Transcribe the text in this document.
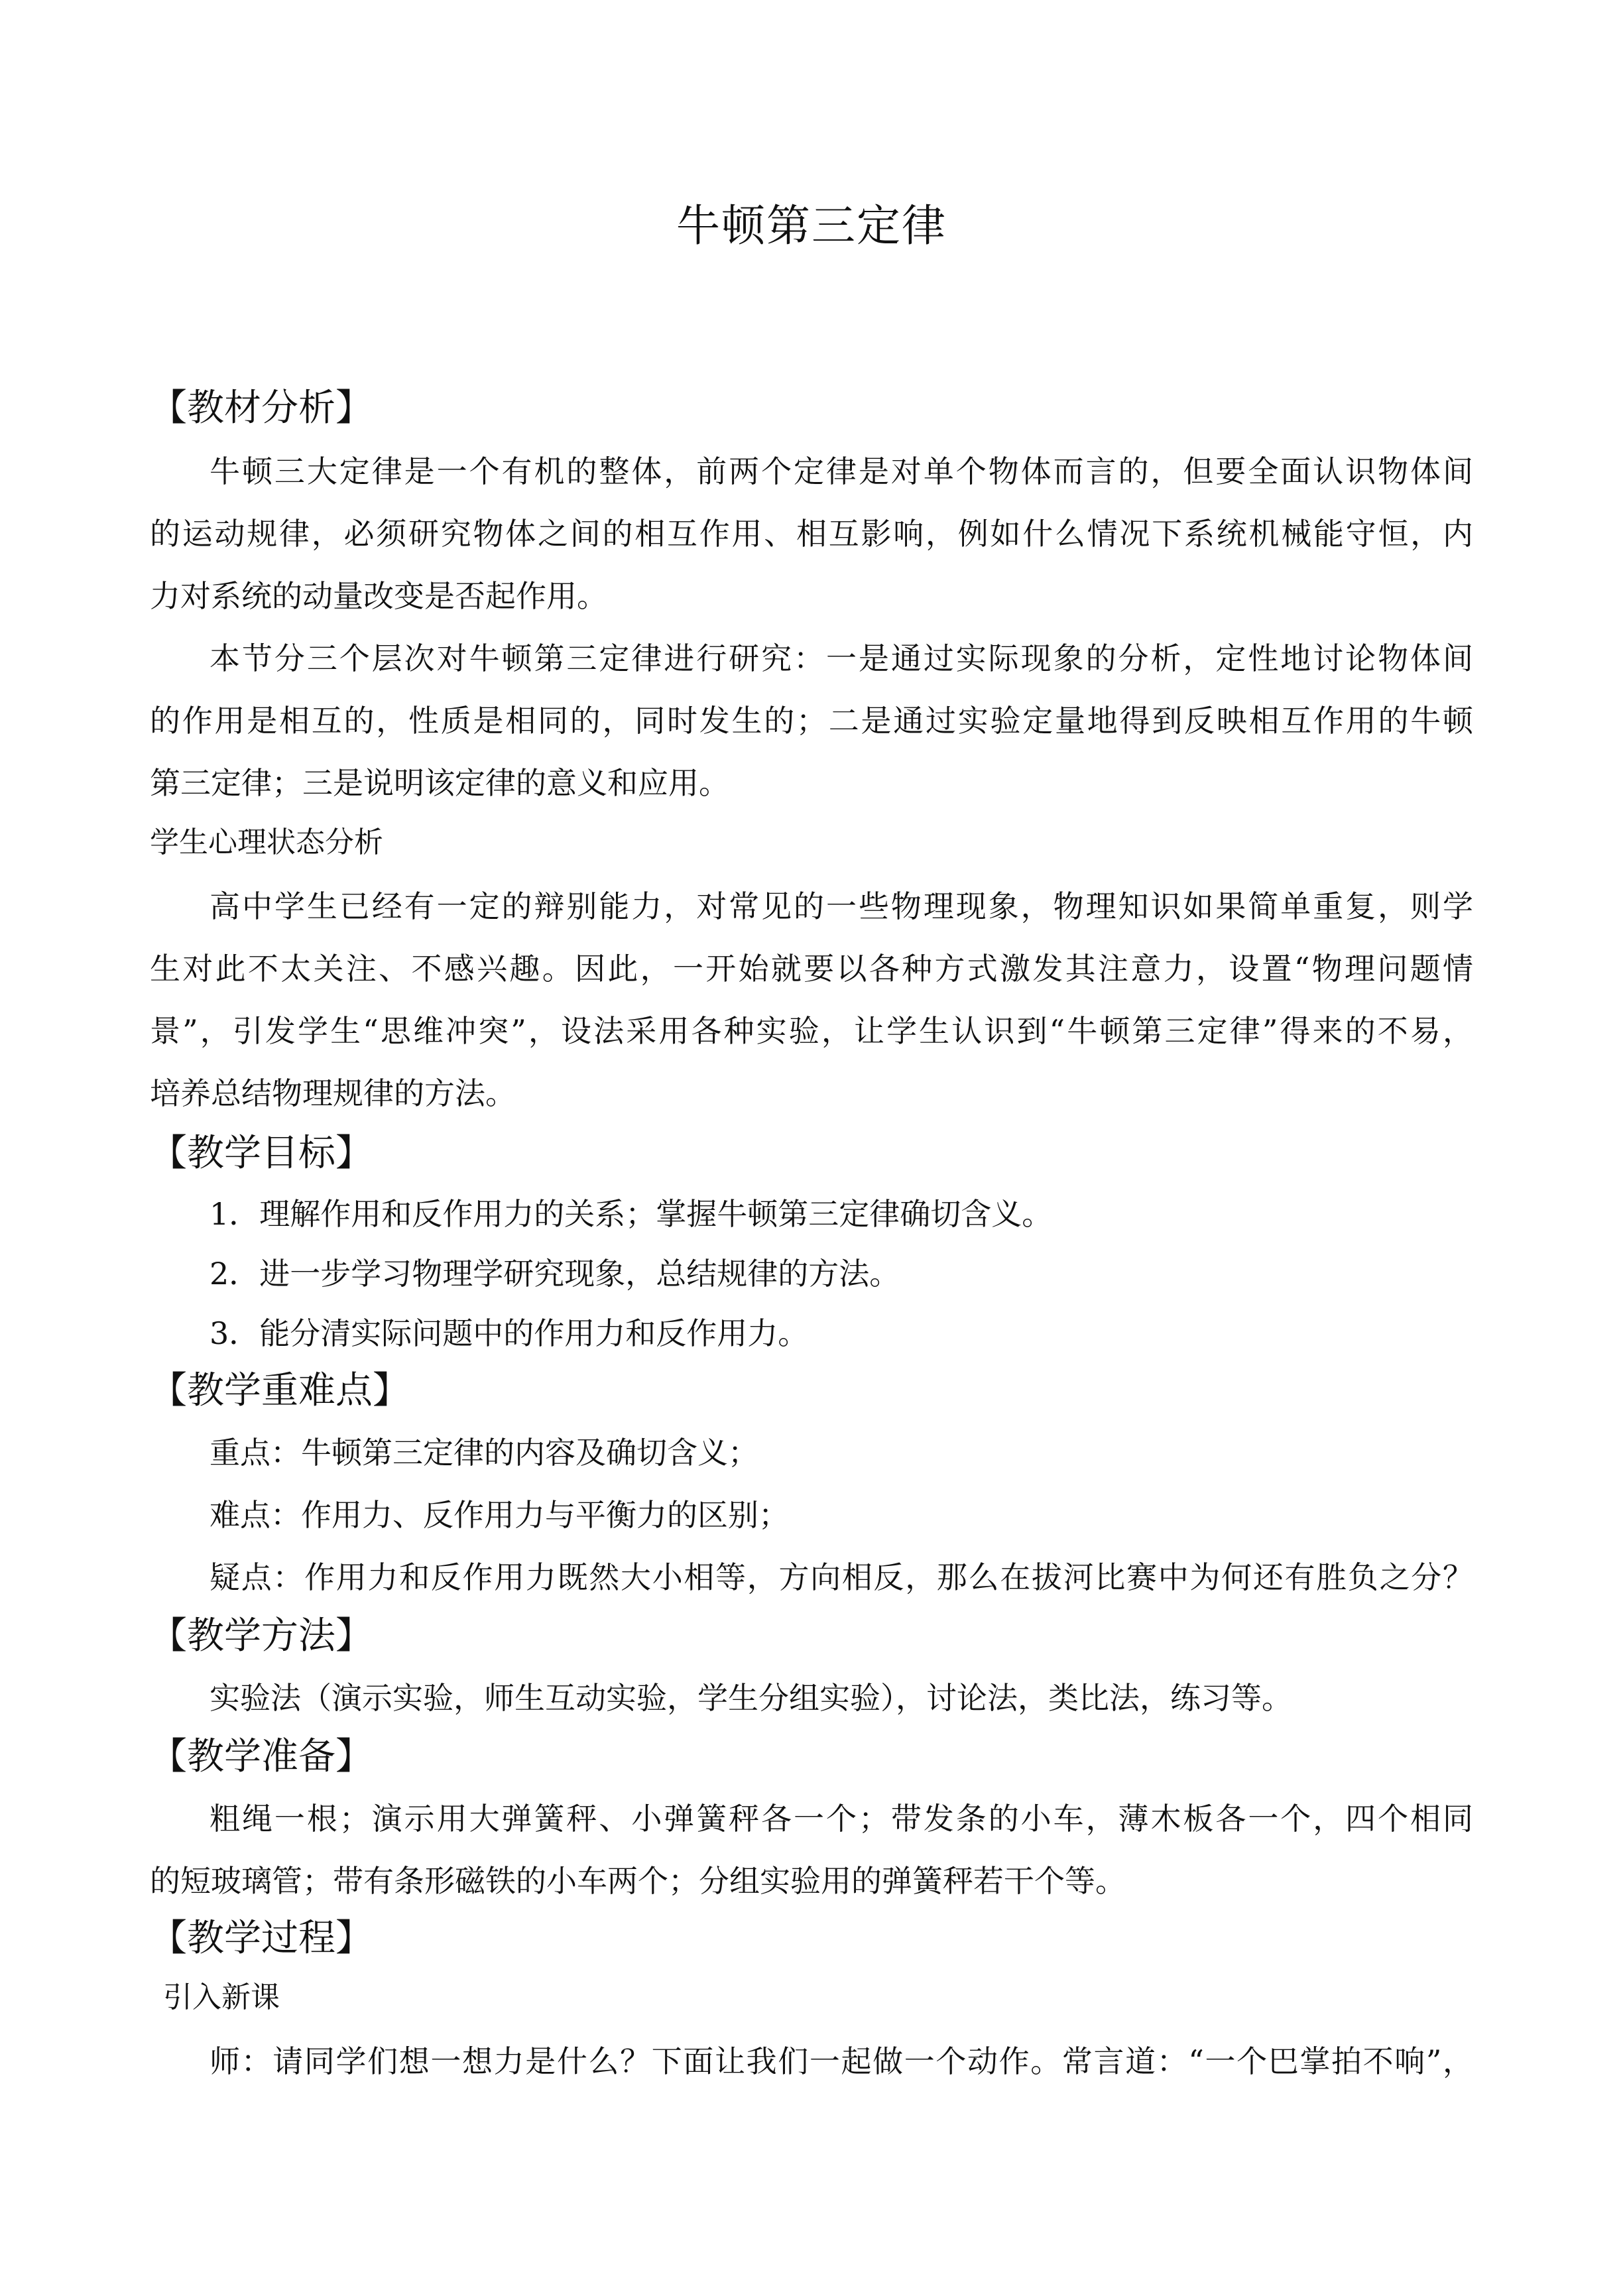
牛顿第三定律
【教材分析】
牛顿三大定律是一个有机的整体，前两个定律是对单个物体而言的，但要全面认识物体间
的运动规律，必须研究物体之间的相互作用、相互影响，例如什么情况下系统机械能守恒，内
力对系统的动量改变是否起作用。
本节分三个层次对牛顿第三定律进行研究：一是通过实际现象的分析，定性地讨论物体间
的作用是相互的，性质是相同的，同时发生的；二是通过实验定量地得到反映相互作用的牛顿
第三定律；三是说明该定律的意义和应用。
学生心理状态分析
高中学生已经有一定的辩别能力，对常见的一些物理现象，物理知识如果简单重复，则学
生对此不太关注、不感兴趣。因此，一开始就要以各种方式激发其注意力，设置“物理问题情
景”，引发学生“思维冲突”，设法采用各种实验，让学生认识到“牛顿第三定律”得来的不易，
培养总结物理规律的方法。
【教学目标】
1．理解作用和反作用力的关系；掌握牛顿第三定律确切含义。
2．进一步学习物理学研究现象，总结规律的方法。
3．能分清实际问题中的作用力和反作用力。
【教学重难点】
重点：牛顿第三定律的内容及确切含义；
难点：作用力、反作用力与平衡力的区别；
疑点：作用力和反作用力既然大小相等，方向相反，那么在拔河比赛中为何还有胜负之分？
【教学方法】
实验法（演示实验，师生互动实验，学生分组实验），讨论法，类比法，练习等。
【教学准备】
粗绳一根；演示用大弹簧秤、小弹簧秤各一个；带发条的小车，薄木板各一个，四个相同
的短玻璃管；带有条形磁铁的小车两个；分组实验用的弹簧秤若干个等。
【教学过程】
引入新课
师：请同学们想一想力是什么？下面让我们一起做一个动作。常言道：“一个巴掌拍不响”，
